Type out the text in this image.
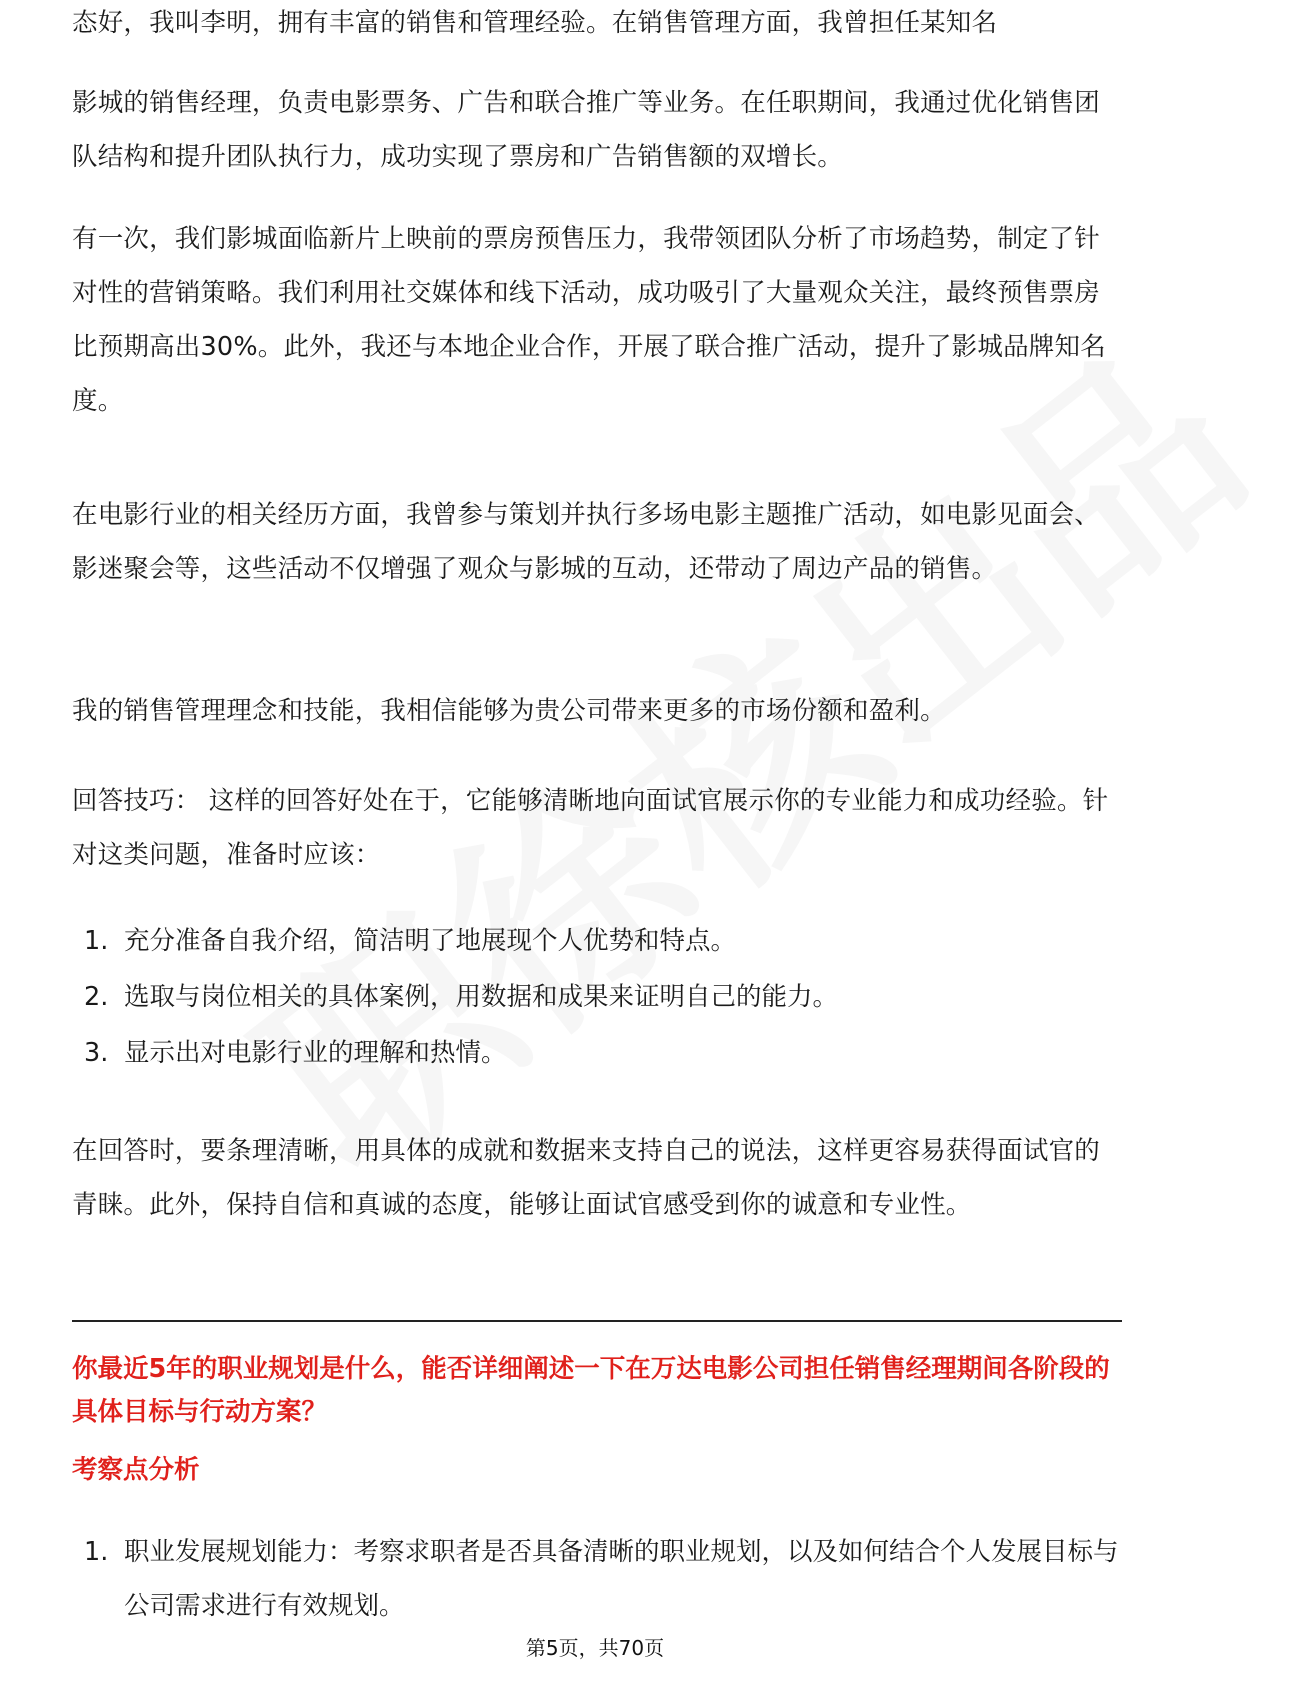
态好，我叫李明，拥有丰富的销售和管理经验。在销售管理方面，我曾担任某知名

影城的销售经理，负责电影票务、广告和联合推广等业务。在任职期间，我通过优化销售团队结构和提升团队执行力，成功实现了票房和广告销售额的双增长。

有一次，我们影城面临新片上映前的票房预售压力，我带领团队分析了市场趋势，制定了针对性的营销策略。我们利用社交媒体和线下活动，成功吸引了大量观众关注，最终预售票房比预期高出30%。此外，我还与本地企业合作，开展了联合推广活动，提升了影城品牌知名度。

在电影行业的相关经历方面，我曾参与策划并执行多场电影主题推广活动，如电影见面会、影迷聚会等，这些活动不仅增强了观众与影城的互动，还带动了周边产品的销售。

我的销售管理理念和技能，我相信能够为贵公司带来更多的市场份额和盈利。

回答技巧： 这样的回答好处在于，它能够清晰地向面试官展示你的专业能力和成功经验。针对这类问题，准备时应该：

1. 充分准备自我介绍，简洁明了地展现个人优势和特点。
2. 选取与岗位相关的具体案例，用数据和成果来证明自己的能力。
3. 显示出对电影行业的理解和热情。

在回答时，要条理清晰，用具体的成就和数据来支持自己的说法，这样更容易获得面试官的青睐。此外，保持自信和真诚的态度，能够让面试官感受到你的诚意和专业性。

你最近5年的职业规划是什么，能否详细阐述一下在万达电影公司担任销售经理期间各阶段的具体目标与行动方案？

考察点分析

1. 职业发展规划能力：考察求职者是否具备清晰的职业规划，以及如何结合个人发展目标与公司需求进行有效规划。
第5页，共70页
